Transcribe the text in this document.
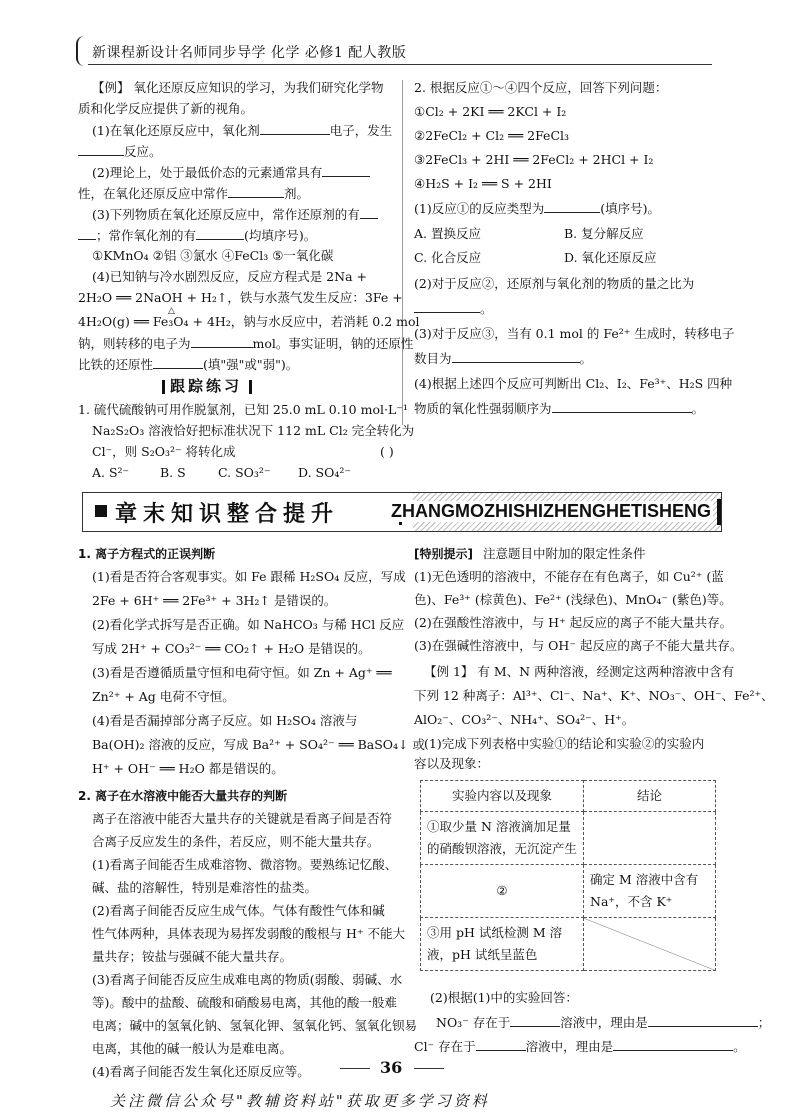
新课程新设计名师同步导学 化学 必修1 配人教版
【例】 氧化还原反应知识的学习，为我们研究化学物
质和化学反应提供了新的视角。
(1)在氧化还原反应中，氧化剂	电子，发生
反应。
(2)理论上，处于最低价态的元素通常具有
性，在氧化还原反应中常作	剂。
(3)下列物质在氧化还原反应中，常作还原剂的有
；常作氧化剂的有	(均填序号)。
①KMnO₄ ②铝 ③氯水 ④FeCl₃ ⑤一氧化碳
(4)已知钠与冷水剧烈反应，反应方程式是 2Na +
2H₂O ══ 2NaOH + H₂↑，铁与水蒸气发生反应：3Fe +
△
4H₂O(g) ══ Fe₃O₄ + 4H₂，钠与水反应中，若消耗 0.2 mol
钠，则转移的电子为	mol。事实证明，钠的还原性
比铁的还原性	(填"强"或"弱")。
跟踪练习
1. 硫代硫酸钠可用作脱氯剂，已知 25.0 mL 0.10 mol·L⁻¹
Na₂S₂O₃ 溶液恰好把标准状况下 112 mL Cl₂ 完全转化为
Cl⁻，则 S₂O₃²⁻ 将转化成	( )
2. 根据反应①～④四个反应，回答下列问题：
①Cl₂ + 2KI ══ 2KCl + I₂
②2FeCl₂ + Cl₂ ══ 2FeCl₃
③2FeCl₃ + 2HI ══ 2FeCl₂ + 2HCl + I₂
④H₂S + I₂ ══ S + 2HI
(1)反应①的反应类型为	(填序号)。
A. 置换反应	B. 复分解反应
C. 化合反应	D. 氧化还原反应
(2)对于反应②，还原剂与氧化剂的物质的量之比为
。
(3)对于反应③，当有 0.1 mol 的 Fe²⁺ 生成时，转移电子
数目为	。
(4)根据上述四个反应可判断出 Cl₂、I₂、Fe³⁺、H₂S 四种
物质的氧化性强弱顺序为	。
A. S²⁻ B. S	C. SO₃²⁻ D. SO₄²⁻
章末知识整合提升	ZHANGMOZHISHIZHENGHETISHENG
1. 离子方程式的正误判断
(1)看是否符合客观事实。如 Fe 跟稀 H₂SO₄ 反应，写成
2Fe + 6H⁺ ══ 2Fe³⁺ + 3H₂↑ 是错误的。
(2)看化学式拆写是否正确。如 NaHCO₃ 与稀 HCl 反应
写成 2H⁺ + CO₃²⁻ ══ CO₂↑ + H₂O 是错误的。
(3)看是否遵循质量守恒和电荷守恒。如 Zn + Ag⁺ ══
Zn²⁺ + Ag 电荷不守恒。
(4)看是否漏掉部分离子反应。如 H₂SO₄ 溶液与
Ba(OH)₂ 溶液的反应，写成 Ba²⁺ + SO₄²⁻ ══ BaSO₄↓ 或
H⁺ + OH⁻ ══ H₂O 都是错误的。
2. 离子在水溶液中能否大量共存的判断
离子在溶液中能否大量共存的关键就是看离子间是否符
合离子反应发生的条件，若反应，则不能大量共存。
(1)看离子间能否生成难溶物、微溶物。要熟练记忆酸、
碱、盐的溶解性，特别是难溶性的盐类。
(2)看离子间能否反应生成气体。气体有酸性气体和碱
性气体两种，具体表现为易挥发弱酸的酸根与 H⁺ 不能大
量共存；铵盐与强碱不能大量共存。
(3)看离子间能否反应生成难电离的物质(弱酸、弱碱、水
等)。酸中的盐酸、硫酸和硝酸易电离，其他的酸一般难
电离；碱中的氢氧化钠、氢氧化钾、氢氧化钙、氢氧化钡易
电离，其他的碱一般认为是难电离。
(4)看离子间能否发生氧化还原反应等。
[特别提示] 注意题目中附加的限定性条件
(1)无色透明的溶液中，不能存在有色离子，如 Cu²⁺ (蓝
色)、Fe³⁺ (棕黄色)、Fe²⁺ (浅绿色)、MnO₄⁻ (紫色)等。
(2)在强酸性溶液中，与 H⁺ 起反应的离子不能大量共存。
(3)在强碱性溶液中，与 OH⁻ 起反应的离子不能大量共存。
【例 1】 有 M、N 两种溶液，经测定这两种溶液中含有
下列 12 种离子：Al³⁺、Cl⁻、Na⁺、K⁺、NO₃⁻、OH⁻、Fe²⁺、
AlO₂⁻、CO₃²⁻、NH₄⁺、SO₄²⁻、H⁺。
(1)完成下列表格中实验①的结论和实验②的实验内
容以及现象：
实验内容以及现象	结论
①取少量 N 溶液滴加足量的硝酸钡溶液，无沉淀产生	
②	确定 M 溶液中含有 Na⁺，不含 K⁺
③用 pH 试纸检测 M 溶液，pH 试纸呈蓝色	
(2)根据(1)中的实验回答：
NO₃⁻ 存在于	溶液中，理由是	；
Cl⁻ 存在于	溶液中，理由是	。
36
关注微信公众号"教辅资料站"获取更多学习资料
